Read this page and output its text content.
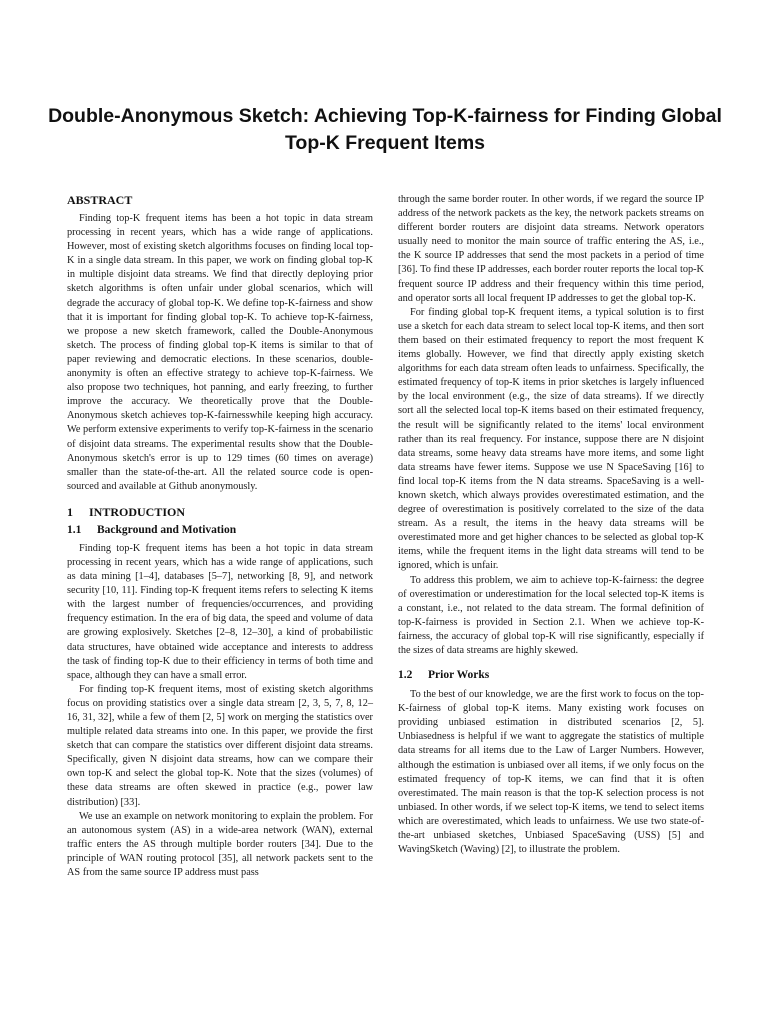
Double-Anonymous Sketch: Achieving Top-K-fairness for Finding Global Top-K Frequent Items
ABSTRACT

Finding top-K frequent items has been a hot topic in data stream processing in recent years, which has a wide range of applications. However, most of existing sketch algorithms focuses on finding local top-K in a single data stream. In this paper, we work on finding global top-K in multiple disjoint data streams. We find that directly deploying prior sketch algorithms is often unfair under global scenarios, which will degrade the accuracy of global top-K. We define top-K-fairness and show that it is important for finding global top-K. To achieve top-K-fairness, we propose a new sketch framework, called the Double-Anonymous sketch. The process of finding global top-K items is similar to that of paper reviewing and democratic elections. In these scenarios, double-anonymity is often an effective strategy to achieve top-K-fairness. We also propose two techniques, hot panning, and early freezing, to further improve the accuracy. We theoretically prove that the Double-Anonymous sketch achieves top-K-fairnesswhile keeping high accuracy. We perform extensive experiments to verify top-K-fairness in the scenario of disjoint data streams. The experimental results show that the Double-Anonymous sketch's error is up to 129 times (60 times on average) smaller than the state-of-the-art. All the related source code is open-sourced and available at Github anonymously.

1 INTRODUCTION
1.1 Background and Motivation

Finding top-K frequent items has been a hot topic in data stream processing in recent years, which has a wide range of applications, such as data mining [1–4], databases [5–7], networking [8, 9], and network security [10, 11]. Finding top-K frequent items refers to selecting K items with the largest number of frequencies/occurrences, and providing frequency estimation. In the era of big data, the speed and volume of data are growing explosively. Sketches [2–8, 12–30], a kind of probabilistic data structures, have obtained wide acceptance and interests to address the task of finding top-K due to their efficiency in terms of both time and space, although they can have a small error.

For finding top-K frequent items, most of existing sketch algorithms focus on providing statistics over a single data stream [2, 3, 5, 7, 8, 12–16, 31, 32], while a few of them [2, 5] work on merging the statistics over multiple related data streams into one. In this paper, we provide the first sketch that can compare the statistics over different disjoint data streams. Specifically, given N disjoint data streams, how can we compare their own top-K and select the global top-K. Note that the sizes (volumes) of these data streams are often skewed in practice (e.g., power law distribution) [33].

We use an example on network monitoring to explain the problem. For an autonomous system (AS) in a wide-area network (WAN), external traffic enters the AS through multiple border routers [34]. Due to the principle of WAN routing protocol [35], all network packets sent to the AS from the same source IP address must pass

through the same border router. In other words, if we regard the source IP address of the network packets as the key, the network packets streams on different border routers are disjoint data streams. Network operators usually need to monitor the main source of traffic entering the AS, i.e., the K source IP addresses that send the most packets in a period of time [36]. To find these IP addresses, each border router reports the local top-K frequent source IP address and their frequency within this time period, and operator sorts all local frequent IP addresses to get the global top-K.

For finding global top-K frequent items, a typical solution is to first use a sketch for each data stream to select local top-K items, and then sort them based on their estimated frequency to report the most frequent K items globally. However, we find that directly apply existing sketch algorithms for each data stream often leads to unfairness. Specifically, the estimated frequency of top-K items in prior sketches is largely influenced by the local environment (e.g., the size of data streams). If we directly sort all the selected local top-K items based on their estimated frequency, the result will be significantly related to the items' local environment rather than its real frequency. For instance, suppose there are N disjoint data streams, some heavy data streams have more items, and some light data streams have fewer items. Suppose we use N SpaceSaving [16] to find local top-K items from the N data streams. SpaceSaving is a well-known sketch, which always provides overestimated estimation, and the degree of overestimation is positively correlated to the size of the data stream. As a result, the items in the heavy data streams will be overestimated more and get higher chances to be selected as global top-K items, while the frequent items in the light data streams will tend to be ignored, which is unfair.

To address this problem, we aim to achieve top-K-fairness: the degree of overestimation or underestimation for the local selected top-K items is a constant, i.e., not related to the data stream. The formal definition of top-K-fairness is provided in Section 2.1. When we achieve top-K-fairness, the accuracy of global top-K will rise significantly, especially if the sizes of data streams are highly skewed.

1.2 Prior Works

To the best of our knowledge, we are the first work to focus on the top-K-fairness of global top-K items. Many existing work focuses on providing unbiased estimation in distributed scenarios [2, 5]. Unbiasedness is helpful if we want to aggregate the statistics of multiple data streams for all items due to the Law of Larger Numbers. However, although the estimation is unbiased over all items, if we only focus on the estimated frequency of top-K items, we can find that it is often overestimated. The main reason is that the top-K selection process is not unbiased. In other words, if we select top-K items, we tend to select items which are overestimated, which leads to unfairness. We use two state-of-the-art unbiased sketches, Unbiased SpaceSaving (USS) [5] and WavingSketch (Waving) [2], to illustrate the problem.
